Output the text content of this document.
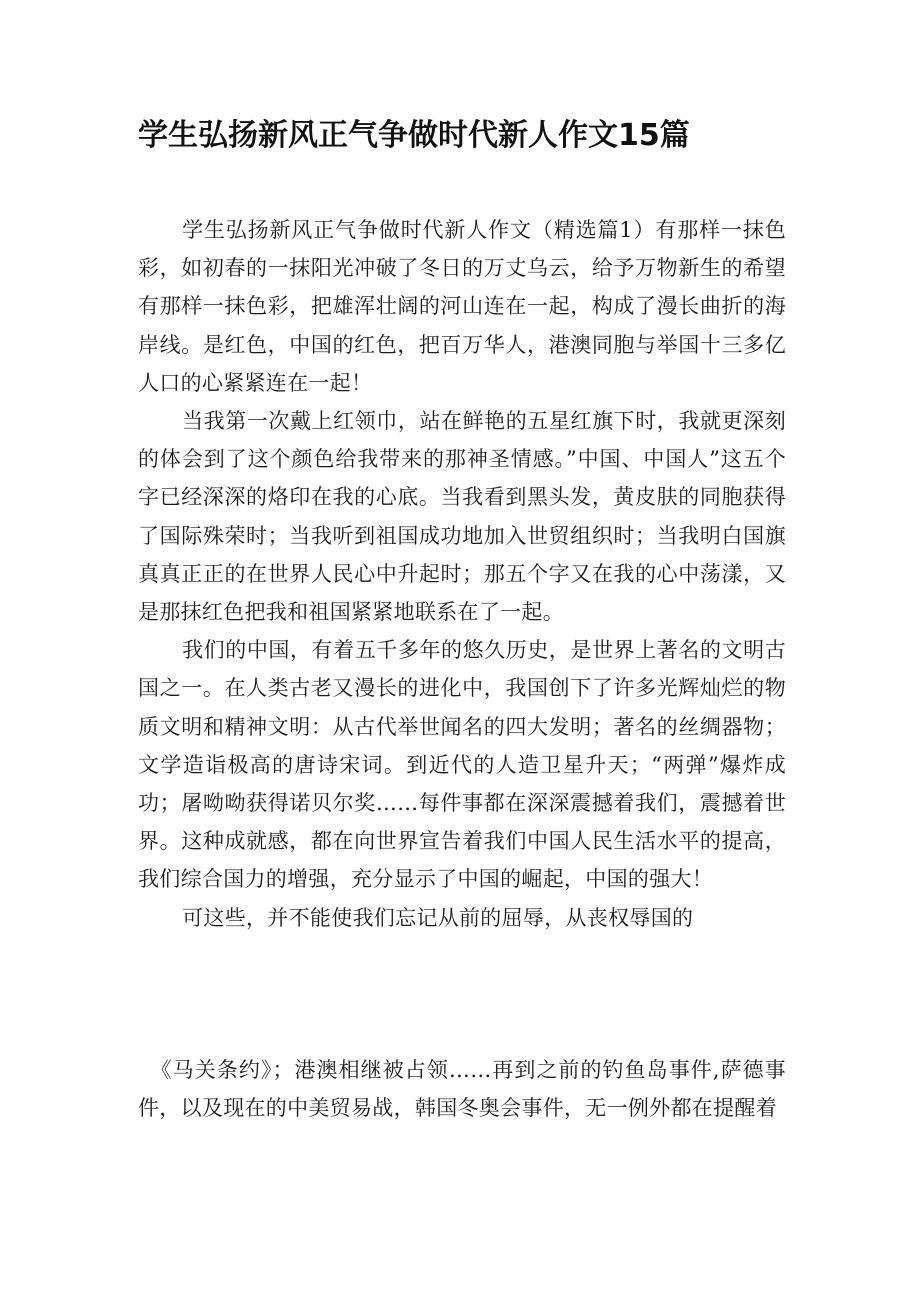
学生弘扬新风正气争做时代新人作文15篇

学生弘扬新风正气争做时代新人作文（精选篇1）有那样一抹色彩，如初春的一抹阳光冲破了冬日的万丈乌云，给予万物新生的希望有那样一抹色彩，把雄浑壮阔的河山连在一起，构成了漫长曲折的海岸线。是红色，中国的红色，把百万华人，港澳同胞与举国十三多亿人口的心紧紧连在一起！

当我第一次戴上红领巾，站在鲜艳的五星红旗下时，我就更深刻的体会到了这个颜色给我带来的那神圣情感。”中国、中国人”这五个字已经深深的烙印在我的心底。当我看到黑头发，黄皮肤的同胞获得了国际殊荣时；当我听到祖国成功地加入世贸组织时；当我明白国旗真真正正的在世界人民心中升起时；那五个字又在我的心中荡漾，又是那抹红色把我和祖国紧紧地联系在了一起。

我们的中国，有着五千多年的悠久历史，是世界上著名的文明古国之一。在人类古老又漫长的进化中，我国创下了许多光辉灿烂的物质文明和精神文明：从古代举世闻名的四大发明；著名的丝绸器物；文学造诣极高的唐诗宋词。到近代的人造卫星升天；“两弹”爆炸成功；屠呦呦获得诺贝尔奖……每件事都在深深震撼着我们，震撼着世界。这种成就感，都在向世界宣告着我们中国人民生活水平的提高，我们综合国力的增强，充分显示了中国的崛起，中国的强大！

可这些，并不能使我们忘记从前的屈辱，从丧权辱国的

《马关条约》；港澳相继被占领……再到之前的钓鱼岛事件,萨德事件，以及现在的中美贸易战，韩国冬奥会事件，无一例外都在提醒着
